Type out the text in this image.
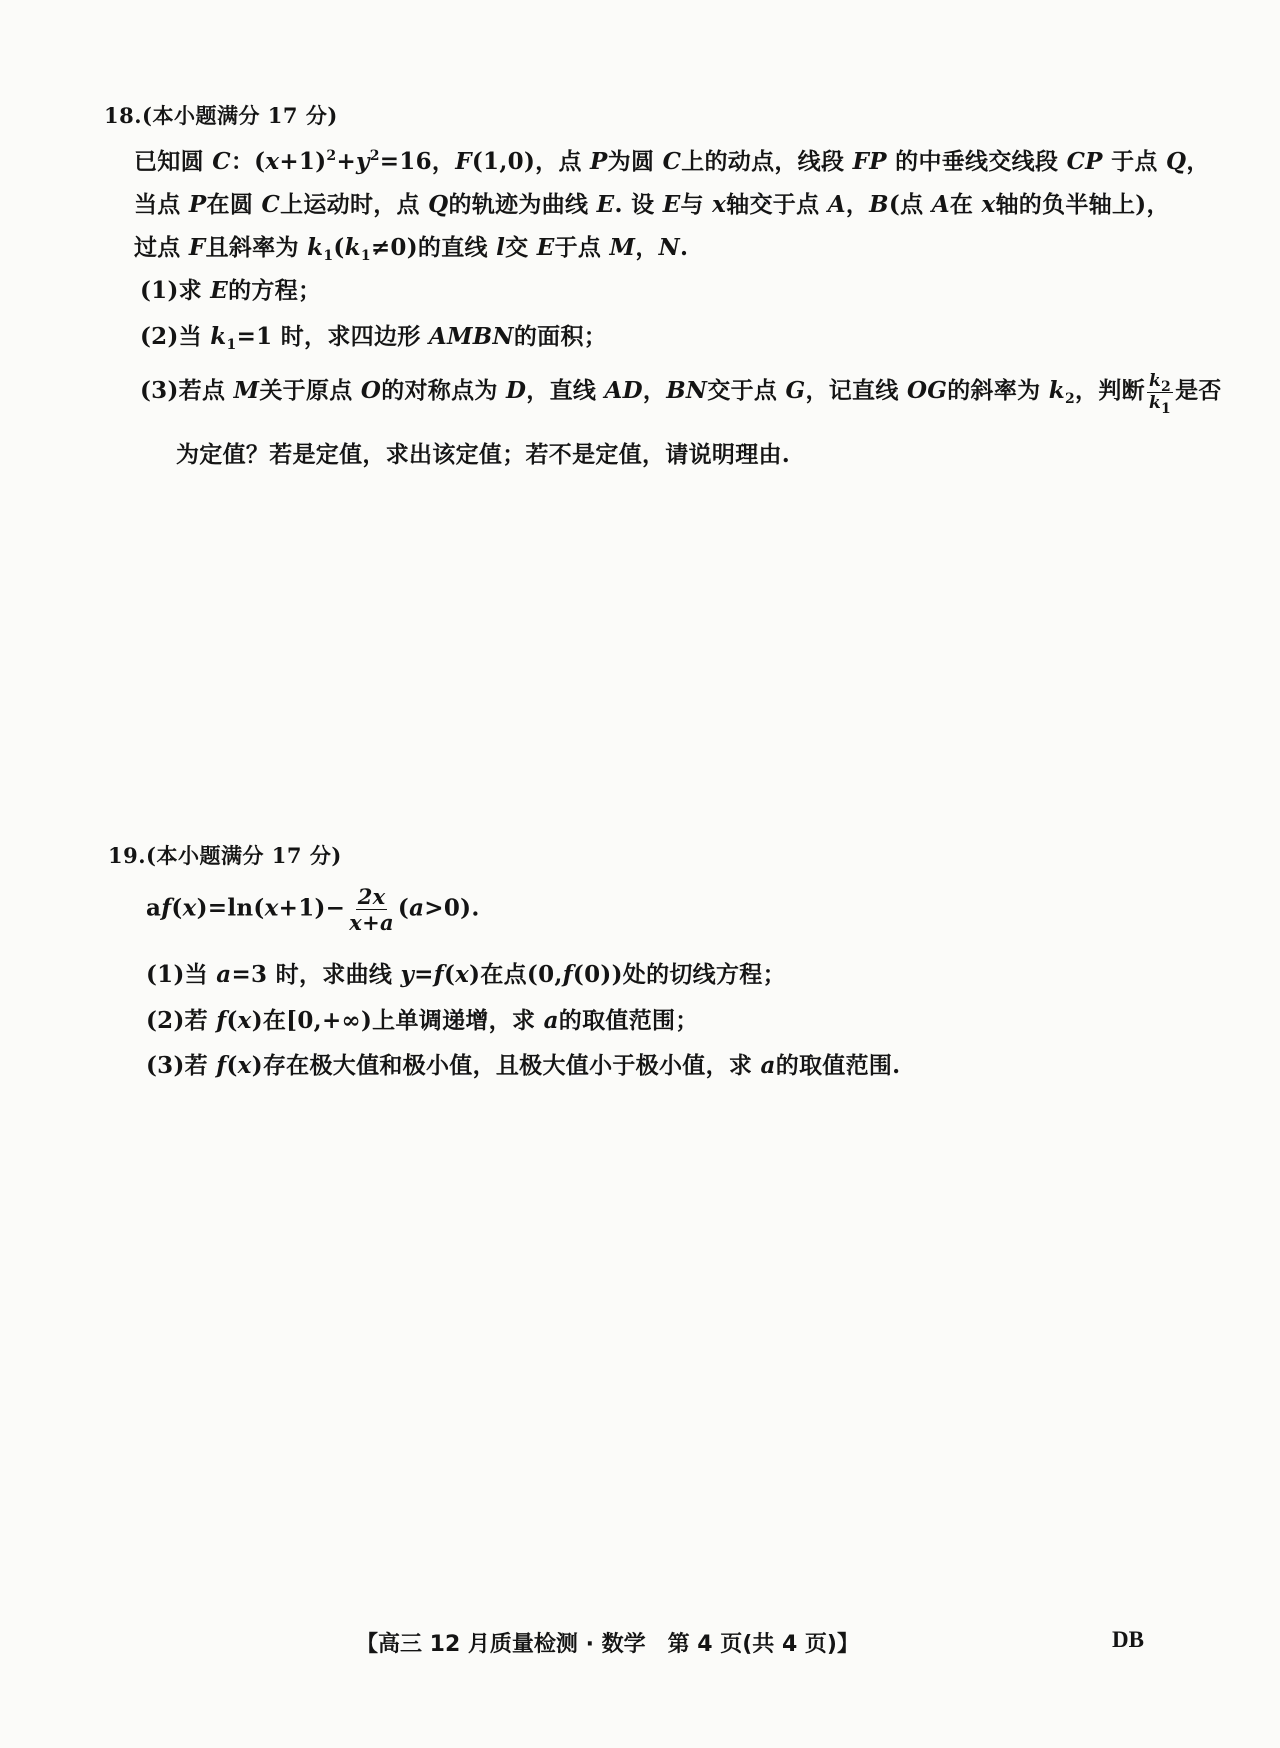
18.(本小题满分 17 分)
已知圆 C：$(x+1)^2+y^2=16$，F(1,0)，点 P为圆 C上的动点，线段 FP 的中垂线交线段 CP 于点 Q，
当点 P在圆 C上运动时，点 Q的轨迹为曲线 E. 设 E与 x轴交于点 A，B(点 A在 x轴的负半轴上)，
过点 F且斜率为 $k_1(k_1\ne 0)$的直线 l交 E于点 M，N.
(1)求 E的方程；
(2)当 $k_1=1$ 时，求四边形 AMBN的面积；
(3)若点 M关于原点 O的对称点为 D，直线 AD，BN交于点 G，记直线 OG的斜率为 $k_2$，判断 $\frac{k_2}{k_1}$ 是否
为定值？若是定值，求出该定值；若不是定值，请说明理由.
19.(本小题满分 17 分)
$af(x)=\ln(x+1)- \frac{2x}{x+a} (a>0)$.
(1)当 a=3 时，求曲线 y=f(x)在点(0,f(0))处的切线方程；
(2)若 f(x)在[0,+∞)上单调递增，求 a的取值范围；
(3)若 f(x)存在极大值和极小值，且极大值小于极小值，求 a的取值范围.
【高三 12 月质量检测 · 数学　第 4 页(共 4 页)】	DB
